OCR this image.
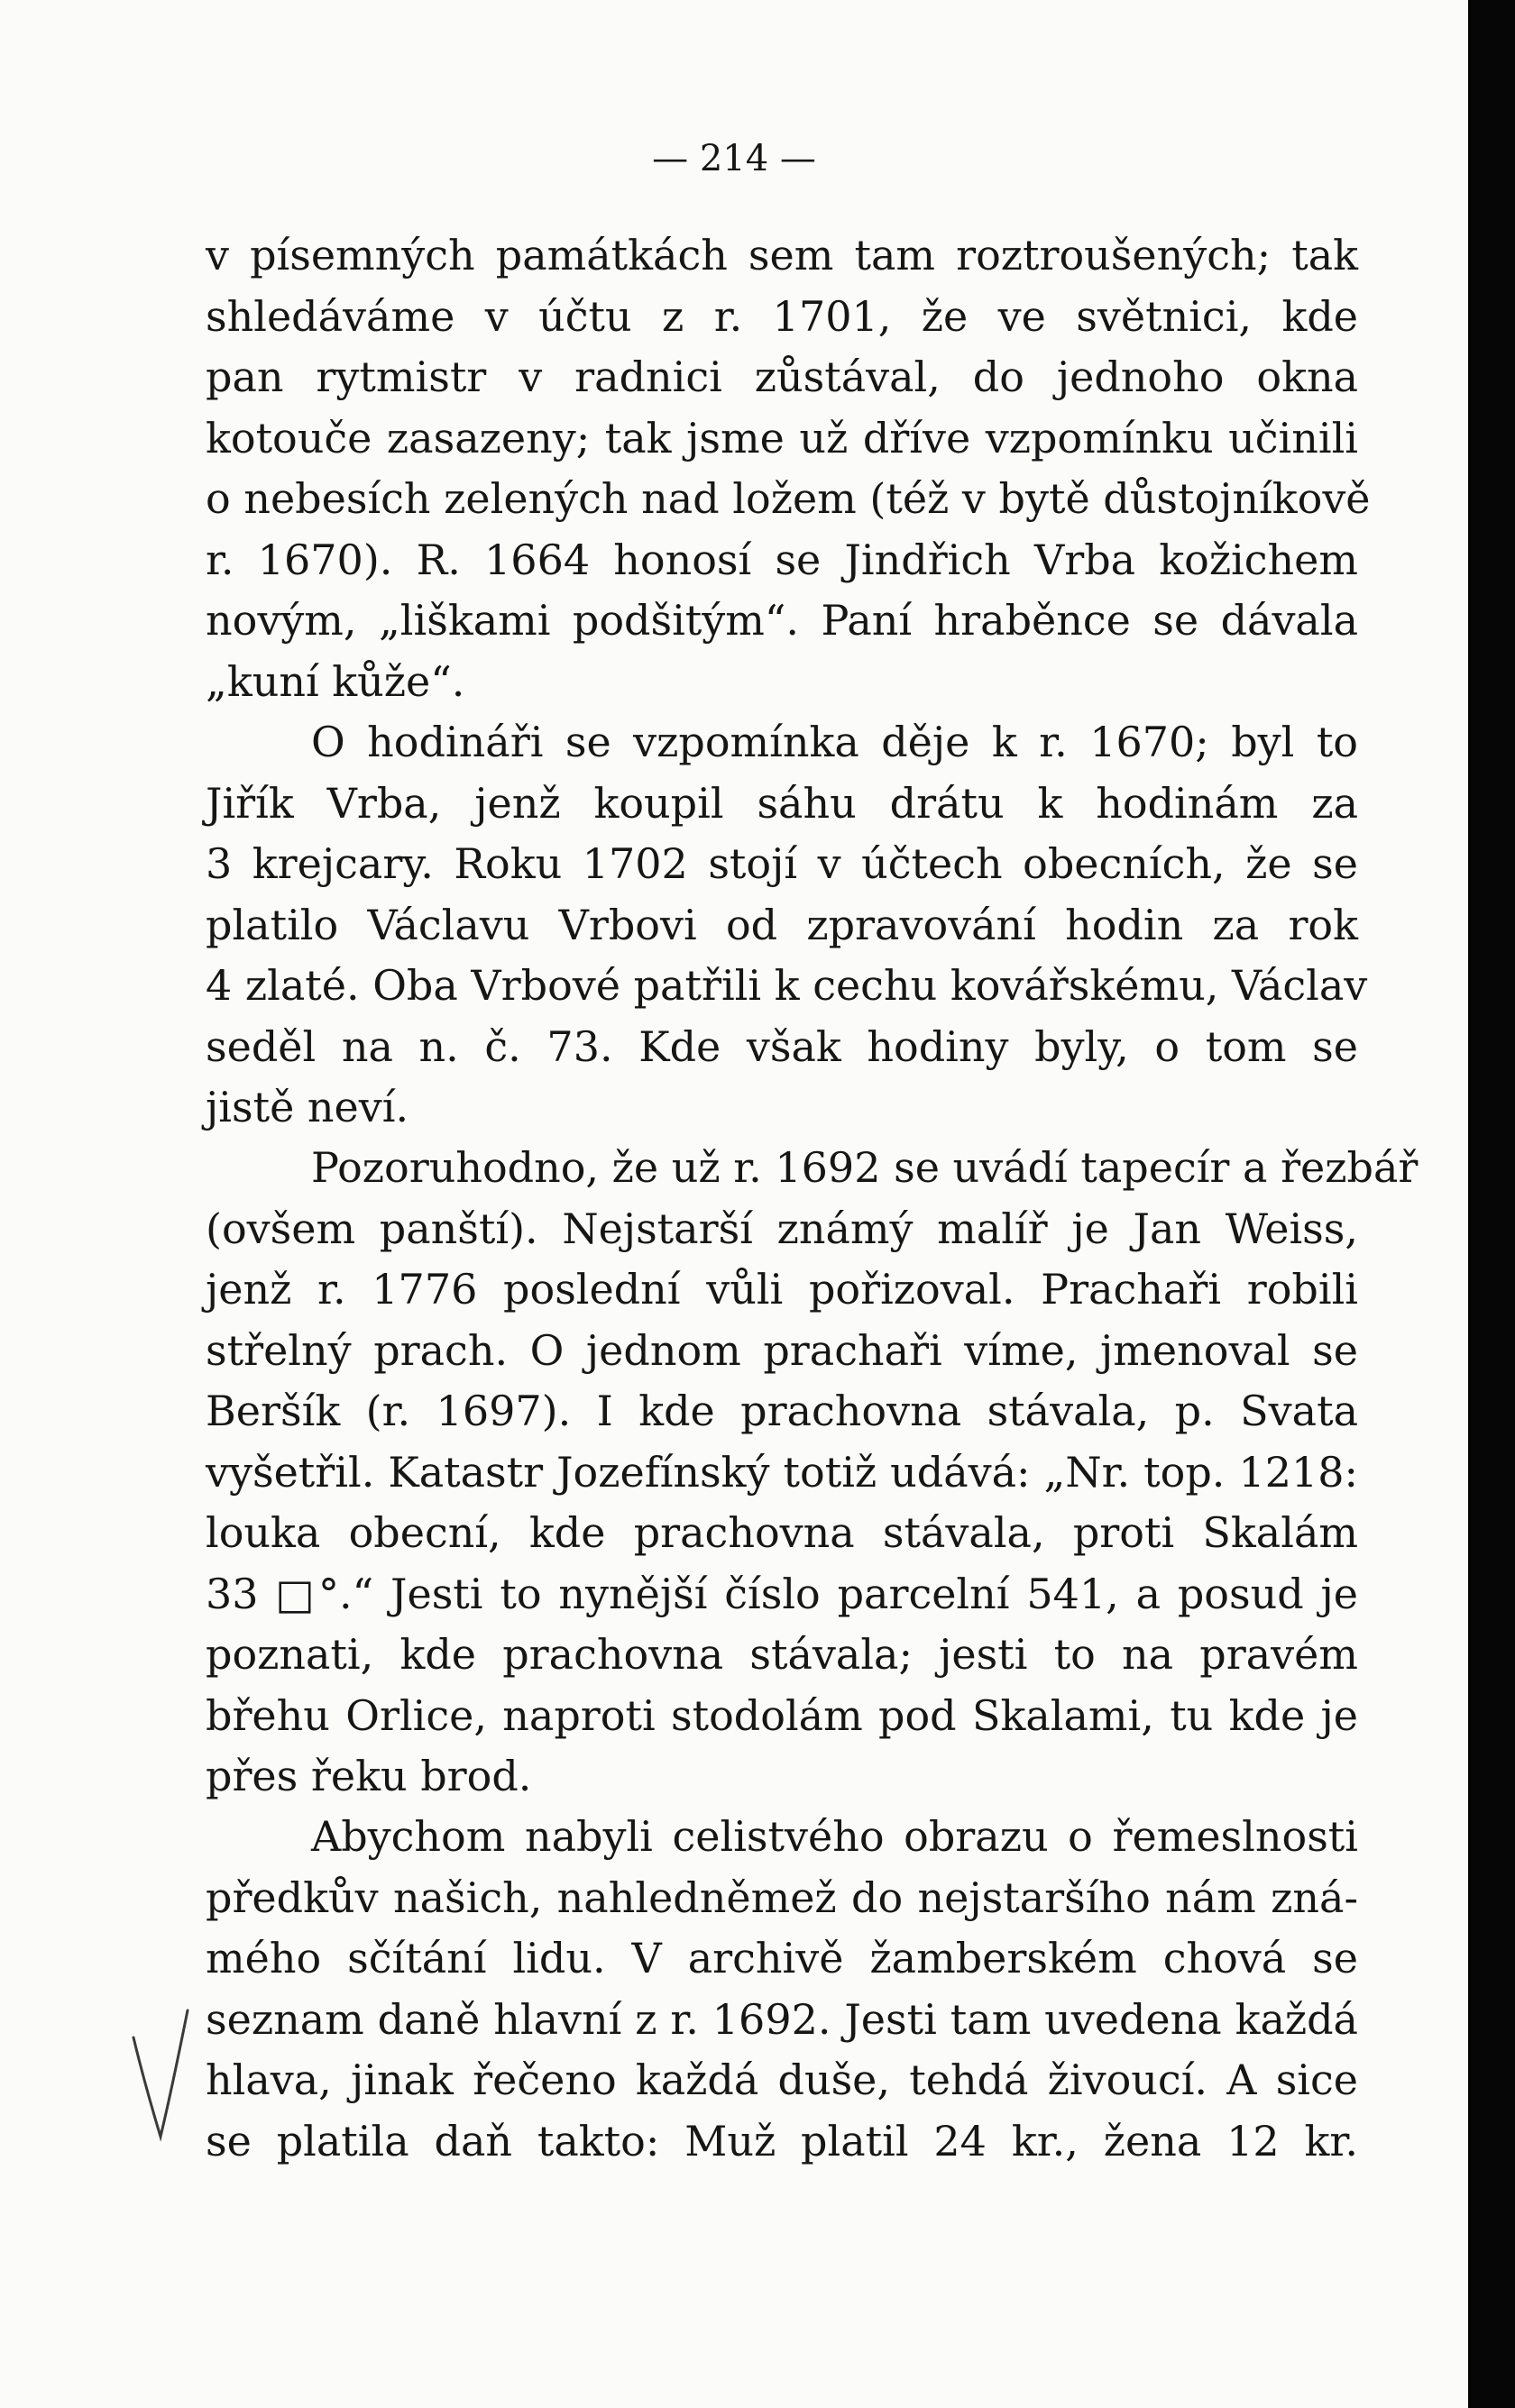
— 214 —
v písemných památkách sem tam roztroušených; tak
shledáváme v účtu z r. 1701, že ve světnici, kde
pan rytmistr v radnici zůstával, do jednoho okna
kotouče zasazeny; tak jsme už dříve vzpomínku učinili
o nebesích zelených nad ložem (též v bytě důstojníkově
r. 1670). R. 1664 honosí se Jindřich Vrba kožichem
novým, „liškami podšitým“. Paní hraběnce se dávala
„kuní kůže“.
O hodináři se vzpomínka děje k r. 1670; byl to
Jiřík Vrba, jenž koupil sáhu drátu k hodinám za
3 krejcary. Roku 1702 stojí v účtech obecních, že se
platilo Václavu Vrbovi od zpravování hodin za rok
4 zlaté. Oba Vrbové patřili k cechu kovářskému, Václav
seděl na n. č. 73. Kde však hodiny byly, o tom se
jistě neví.
Pozoruhodno, že už r. 1692 se uvádí tapecír a řezbář
(ovšem panští). Nejstarší známý malíř je Jan Weiss,
jenž r. 1776 poslední vůli pořizoval. Prachaři robili
střelný prach. O jednom prachaři víme, jmenoval se
Beršík (r. 1697). I kde prachovna stávala, p. Svata
vyšetřil. Katastr Jozefínský totiž udává: „Nr. top. 1218:
louka obecní, kde prachovna stávala, proti Skalám
33 □°.“ Jesti to nynější číslo parcelní 541, a posud je
poznati, kde prachovna stávala; jesti to na pravém
břehu Orlice, naproti stodolám pod Skalami, tu kde je
přes řeku brod.
Abychom nabyli celistvého obrazu o řemeslnosti
předkův našich, nahledněmež do nejstaršího nám zná-
mého sčítání lidu. V archivě žamberském chová se
seznam daně hlavní z r. 1692. Jesti tam uvedena každá
hlava, jinak řečeno každá duše, tehdá živoucí. A sice
se platila daň takto: Muž platil 24 kr., žena 12 kr.
